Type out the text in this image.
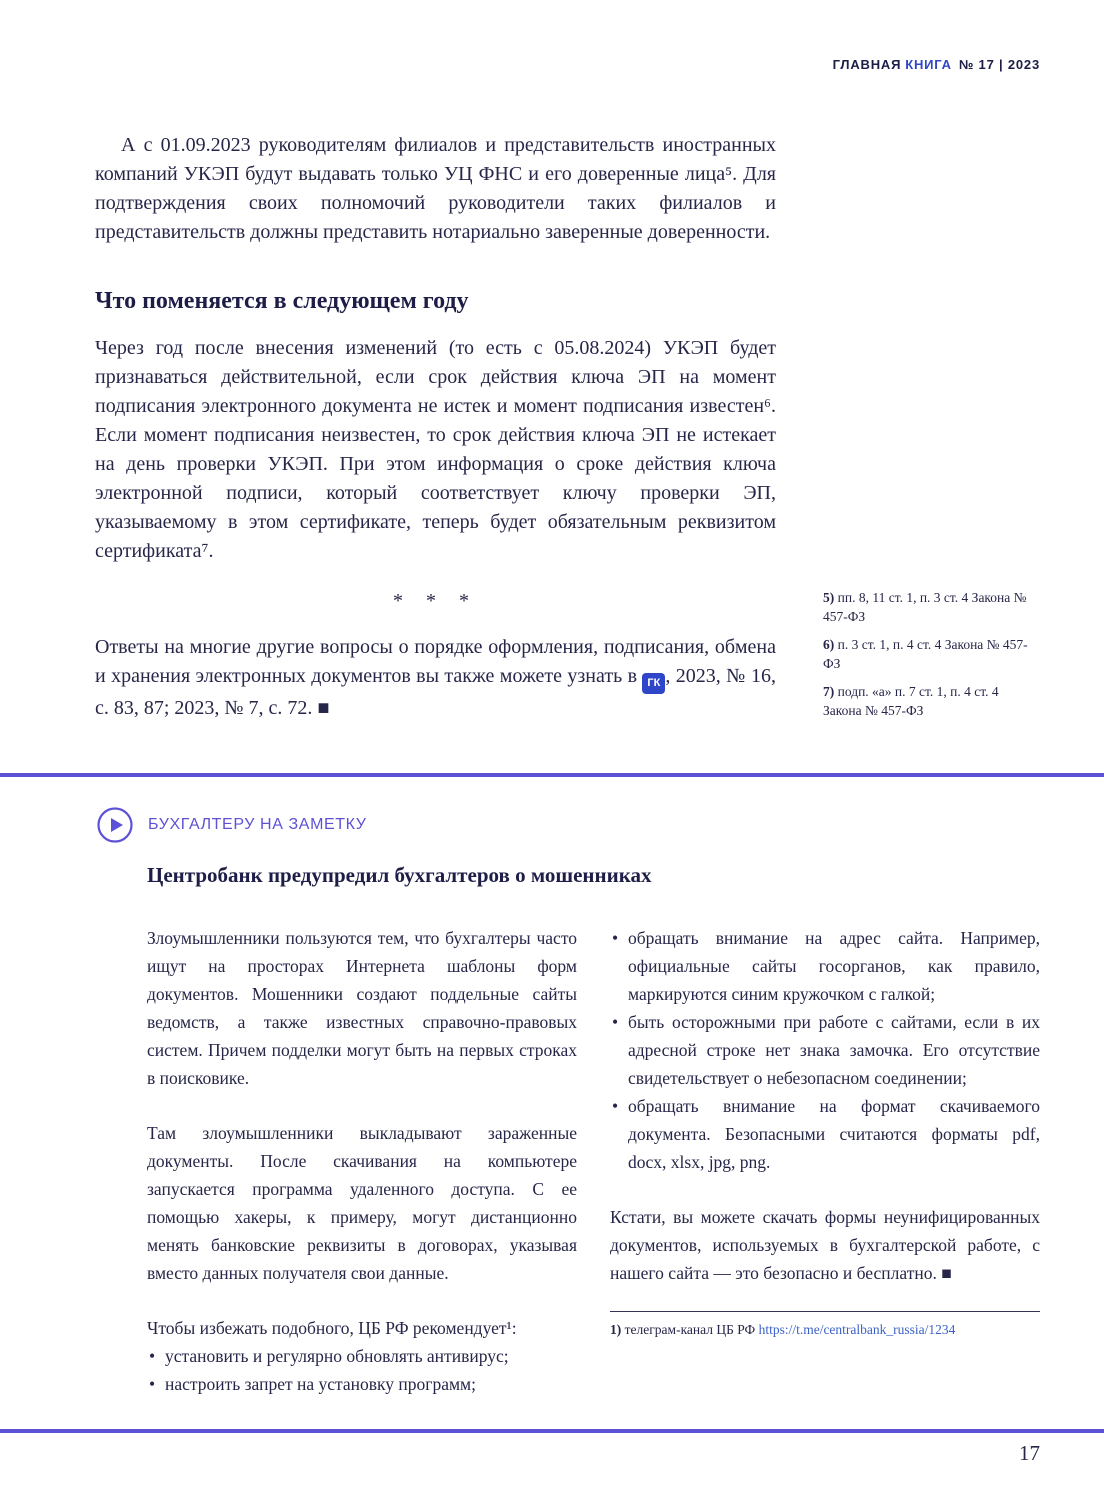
ГЛАВНАЯ КНИГА № 17 | 2023

А с 01.09.2023 руководителям филиалов и представительств иностранных компаний УКЭП будут выдавать только УЦ ФНС и его доверенные лица⁵. Для подтверждения своих полномочий руководители таких филиалов и представительств должны представить нотариально заверенные доверенности.

Что поменяется в следующем году

Через год после внесения изменений (то есть с 05.08.2024) УКЭП будет признаваться действительной, если срок действия ключа ЭП на момент подписания электронного документа не истек и момент подписания известен⁶. Если момент подписания неизвестен, то срок действия ключа ЭП не истекает на день проверки УКЭП. При этом информация о сроке действия ключа электронной подписи, который соответствует ключу проверки ЭП, указываемому в этом сертификате, теперь будет обязательным реквизитом сертификата⁷.

* * *

Ответы на многие другие вопросы о порядке оформления, подписания, обмена и хранения электронных документов вы также можете узнать в ГК , 2023, № 16, с. 83, 87; 2023, № 7, с. 72. ■

5) пп. 8, 11 ст. 1, п. 3 ст. 4 Закона № 457-ФЗ
6) п. 3 ст. 1, п. 4 ст. 4 Закона № 457-ФЗ
7) подп. «а» п. 7 ст. 1, п. 4 ст. 4 Закона № 457-ФЗ
БУХГАЛТЕРУ НА ЗАМЕТКУ
Центробанк предупредил бухгалтеров о мошенниках

Злоумышленники пользуются тем, что бухгалтеры часто ищут на просторах Интернета шаблоны форм документов. Мошенники создают поддельные сайты ведомств, а также известных справочно-правовых систем. Причем подделки могут быть на первых строках в поисковике.

Там злоумышленники выкладывают зараженные документы. После скачивания на компьютере запускается программа удаленного доступа. С ее помощью хакеры, к примеру, могут дистанционно менять банковские реквизиты в договорах, указывая вместо данных получателя свои данные.

Чтобы избежать подобного, ЦБ РФ рекомендует¹:

• установить и регулярно обновлять антивирус;
• настроить запрет на установку программ;
• обращать внимание на адрес сайта. Например, официальные сайты госорганов, как правило, маркируются синим кружочком с галкой;
• быть осторожными при работе с сайтами, если в их адресной строке нет знака замочка. Его отсутствие свидетельствует о небезопасном соединении;
• обращать внимание на формат скачиваемого документа. Безопасными считаются форматы pdf, docx, xlsx, jpg, png.

Кстати, вы можете скачать формы неунифицированных документов, используемых в бухгалтерской работе, с нашего сайта — это безопасно и бесплатно. ■

1) телеграм-канал ЦБ РФ https://t.me/centralbank_russia/1234
17
